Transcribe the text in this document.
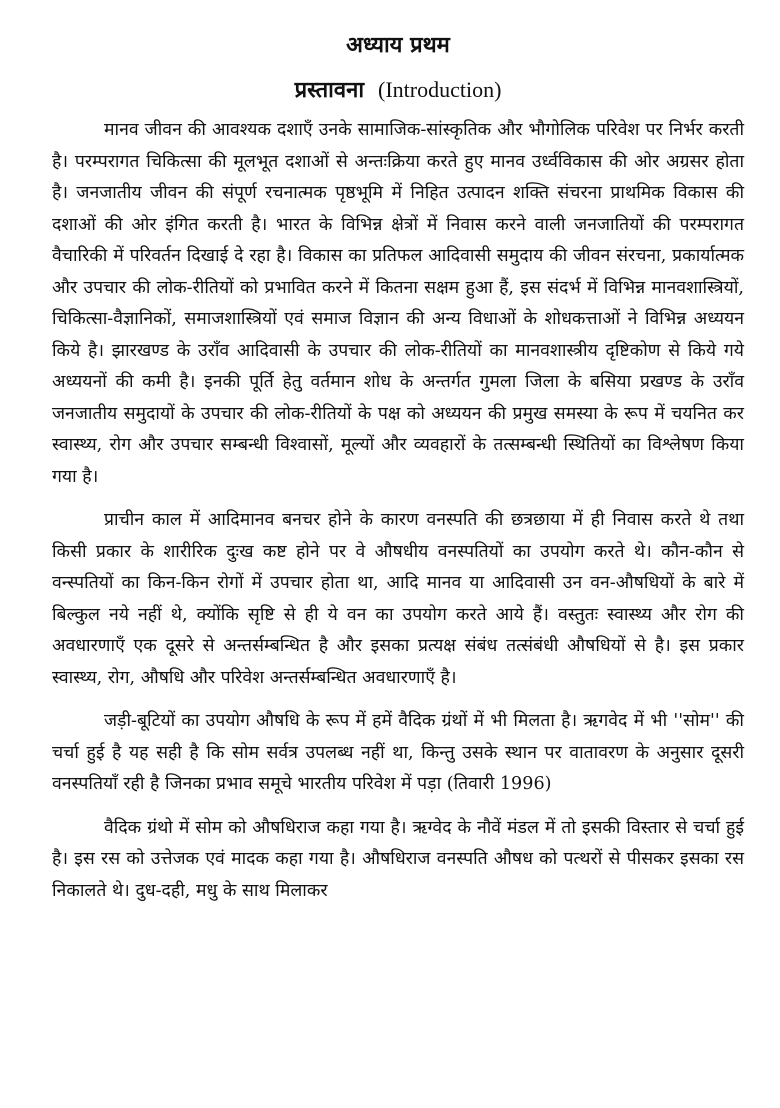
अध्याय प्रथम
प्रस्तावना (Introduction)

मानव जीवन की आवश्यक दशाएँ उनके सामाजिक-सांस्कृतिक और भौगोलिक परिवेश पर निर्भर करती है। परम्परागत चिकित्सा की मूलभूत दशाओं से अन्तःक्रिया करते हुए मानव उर्ध्वविकास की ओर अग्रसर होता है। जनजातीय जीवन की संपूर्ण रचनात्मक पृष्ठभूमि में निहित उत्पादन शक्ति संचरना प्राथमिक विकास की दशाओं की ओर इंगित करती है। भारत के विभिन्न क्षेत्रों में निवास करने वाली जनजातियों की परम्परागत वैचारिकी में परिवर्तन दिखाई दे रहा है। विकास का प्रतिफल आदिवासी समुदाय की जीवन संरचना, प्रकार्यात्मक और उपचार की लोक-रीतियों को प्रभावित करने में कितना सक्षम हुआ हैं, इस संदर्भ में विभिन्न मानवशास्त्रियों, चिकित्सा-वैज्ञानिकों, समाजशास्त्रियों एवं समाज विज्ञान की अन्य विधाओं के शोधकत्ताओं ने विभिन्न अध्ययन किये है। झारखण्ड के उराँव आदिवासी के उपचार की लोक-रीतियों का मानवशास्त्रीय दृष्टिकोण से किये गये अध्ययनों की कमी है। इनकी पूर्ति हेतु वर्तमान शोध के अन्तर्गत गुमला जिला के बसिया प्रखण्ड के उराँव जनजातीय समुदायों के उपचार की लोक-रीतियों के पक्ष को अध्ययन की प्रमुख समस्या के रूप में चयनित कर स्वास्थ्य, रोग और उपचार सम्बन्धी विश्वासों, मूल्यों और व्यवहारों के तत्सम्बन्धी स्थितियों का विश्लेषण किया गया है।

प्राचीन काल में आदिमानव बनचर होने के कारण वनस्पति की छत्रछाया में ही निवास करते थे तथा किसी प्रकार के शारीरिक दुःख कष्ट होने पर वे औषधीय वनस्पतियों का उपयोग करते थे। कौन-कौन से वन्स्पतियों का किन-किन रोगों में उपचार होता था, आदि मानव या आदिवासी उन वन-औषधियों के बारे में बिल्कुल नये नहीं थे, क्योंकि सृष्टि से ही ये वन का उपयोग करते आये हैं। वस्तुतः स्वास्थ्य और रोग की अवधारणाएँ एक दूसरे से अन्तर्सम्बन्धित है और इसका प्रत्यक्ष संबंध तत्संबंधी औषधियों से है। इस प्रकार स्वास्थ्य, रोग, औषधि और परिवेश अन्तर्सम्बन्धित अवधारणाएँ है।

जड़ी-बूटियों का उपयोग औषधि के रूप में हमें वैदिक ग्रंथों में भी मिलता है। ऋगवेद में भी ''सोम'' की चर्चा हुई है यह सही है कि सोम सर्वत्र उपलब्ध नहीं था, किन्तु उसके स्थान पर वातावरण के अनुसार दूसरी वनस्पतियाँ रही है जिनका प्रभाव समूचे भारतीय परिवेश में पड़ा (तिवारी 1996)

वैदिक ग्रंथो में सोम को औषधिराज कहा गया है। ऋग्वेद के नौवें मंडल में तो इसकी विस्तार से चर्चा हुई है। इस रस को उत्तेजक एवं मादक कहा गया है। औषधिराज वनस्पति औषध को पत्थरों से पीसकर इसका रस निकालते थे। दुध-दही, मधु के साथ मिलाकर
